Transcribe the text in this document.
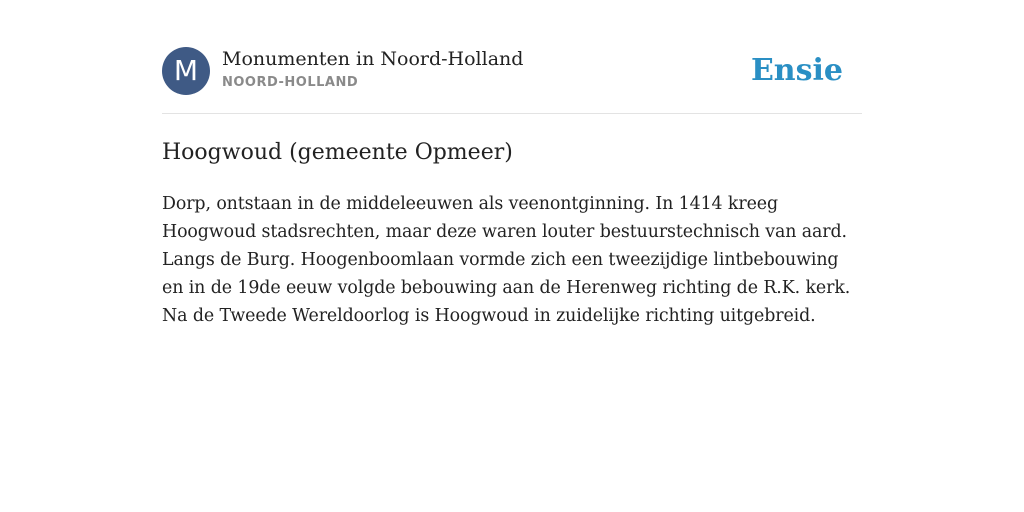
M	Monumenten in Noord-Holland
NOORD-HOLLAND	Ensie
Hoogwoud (gemeente Opmeer)

Dorp, ontstaan in de middeleeuwen als veenontginning. In 1414 kreeg Hoogwoud stadsrechten, maar deze waren louter bestuurstechnisch van aard. Langs de Burg. Hoogenboomlaan vormde zich een tweezijdige lintbebouwing en in de 19de eeuw volgde bebouwing aan de Herenweg richting de R.K. kerk. Na de Tweede Wereldoorlog is Hoogwoud in zuidelijke richting uitgebreid.
